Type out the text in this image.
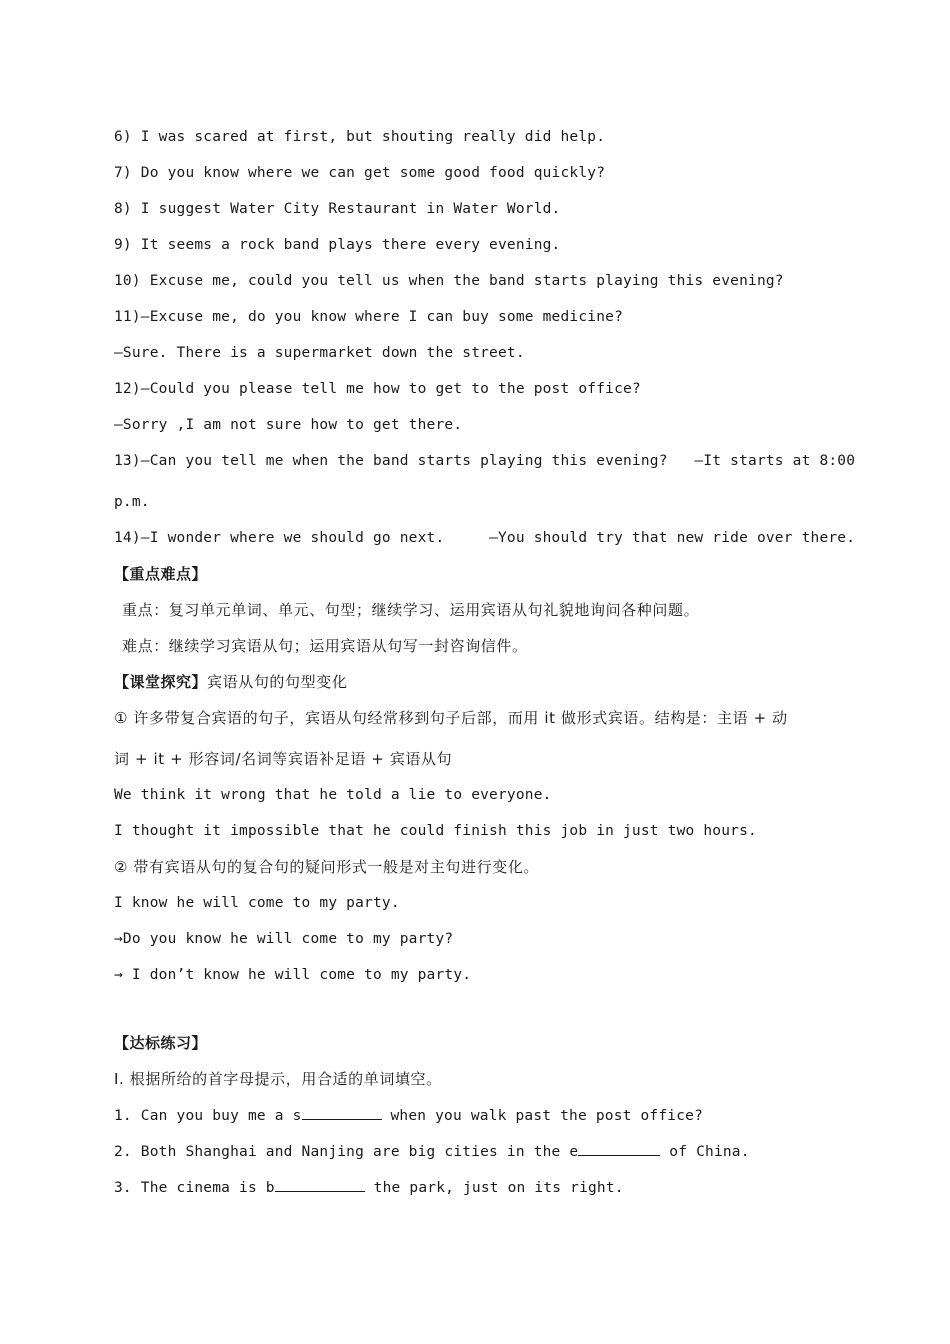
6) I was scared at first, but shouting really did help.
7) Do you know where we can get some good food quickly?
8) I suggest Water City Restaurant in Water World.
9) It seems a rock band plays there every evening.
10) Excuse me, could you tell us when the band starts playing this evening?
11)—Excuse me, do you know where I can buy some medicine?
—Sure. There is a supermarket down the street.
12)—Could you please tell me how to get to the post office?
—Sorry ,I am not sure how to get there.
13)—Can you tell me when the band starts playing this evening?   —It starts at 8:00
p.m.
14)—I wonder where we should go next.     —You should try that new ride over there.
【重点难点】
重点：复习单元单词、单元、句型；继续学习、运用宾语从句礼貌地询问各种问题。
难点：继续学习宾语从句；运用宾语从句写一封咨询信件。
【课堂探究】宾语从句的句型变化
① 许多带复合宾语的句子，宾语从句经常移到句子后部，而用 it 做形式宾语。结构是：主语 + 动
词 + it + 形容词/名词等宾语补足语 + 宾语从句
We think it wrong that he told a lie to everyone.
I thought it impossible that he could finish this job in just two hours.
② 带有宾语从句的复合句的疑问形式一般是对主句进行变化。
I know he will come to my party.
→Do you know he will come to my party?
→ I don’t know he will come to my party.
【达标练习】
I. 根据所给的首字母提示，用合适的单词填空。
1. Can you buy me a s	when you walk past the post office?
2. Both Shanghai and Nanjing are big cities in the e	of China.
3. The cinema is b	the park, just on its right.
